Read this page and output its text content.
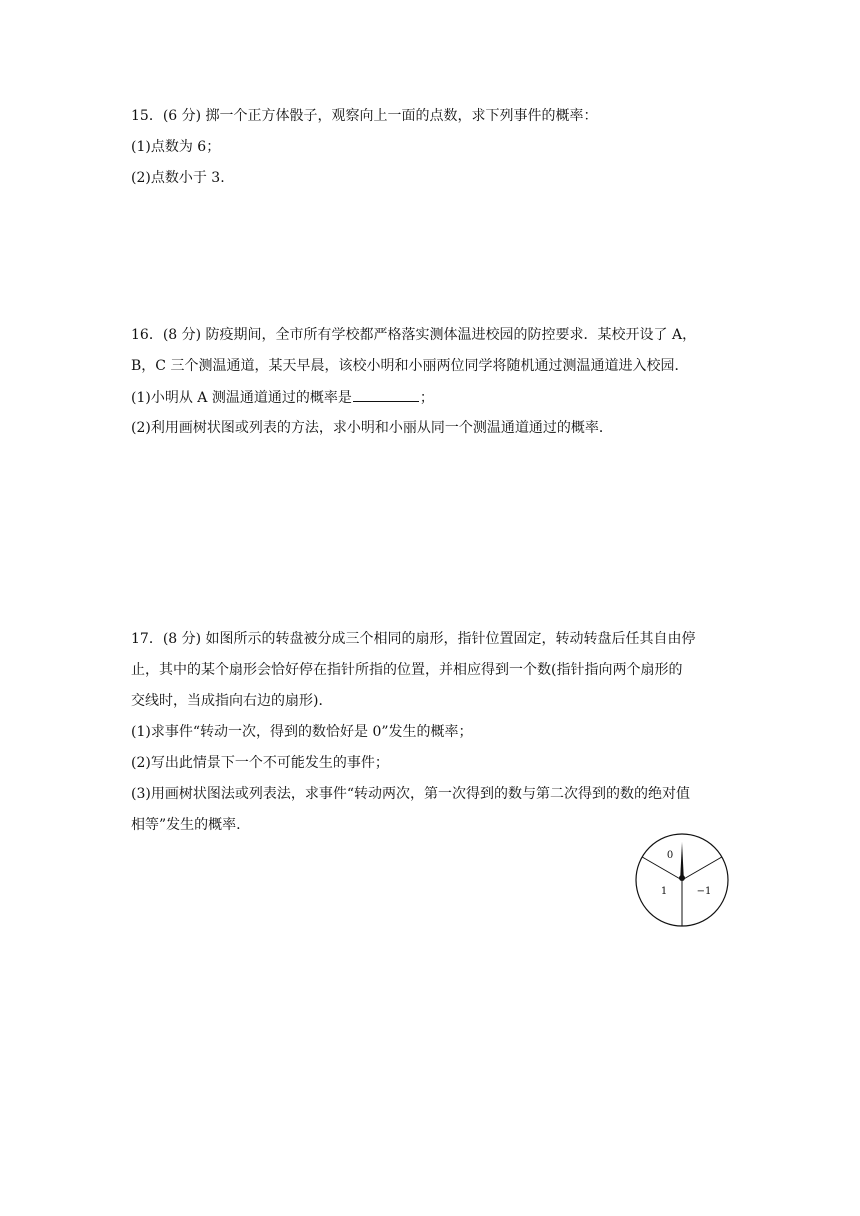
15．(6 分) 掷一个正方体骰子，观察向上一面的点数，求下列事件的概率：
(1)点数为 6；
(2)点数小于 3.
16．(8 分) 防疫期间，全市所有学校都严格落实测体温进校园的防控要求．某校开设了 A，
B，C 三个测温通道，某天早晨，该校小明和小丽两位同学将随机通过测温通道进入校园．
(1)小明从 A 测温通道通过的概率是	；
(2)利用画树状图或列表的方法，求小明和小丽从同一个测温通道通过的概率．
17．(8 分) 如图所示的转盘被分成三个相同的扇形，指针位置固定，转动转盘后任其自由停
止，其中的某个扇形会恰好停在指针所指的位置，并相应得到一个数(指针指向两个扇形的
交线时，当成指向右边的扇形)．
(1)求事件“转动一次，得到的数恰好是 0”发生的概率；
(2)写出此情景下一个不可能发生的事件；
(3)用画树状图法或列表法，求事件“转动两次，第一次得到的数与第二次得到的数的绝对值
相等”发生的概率.
0
1	−1
